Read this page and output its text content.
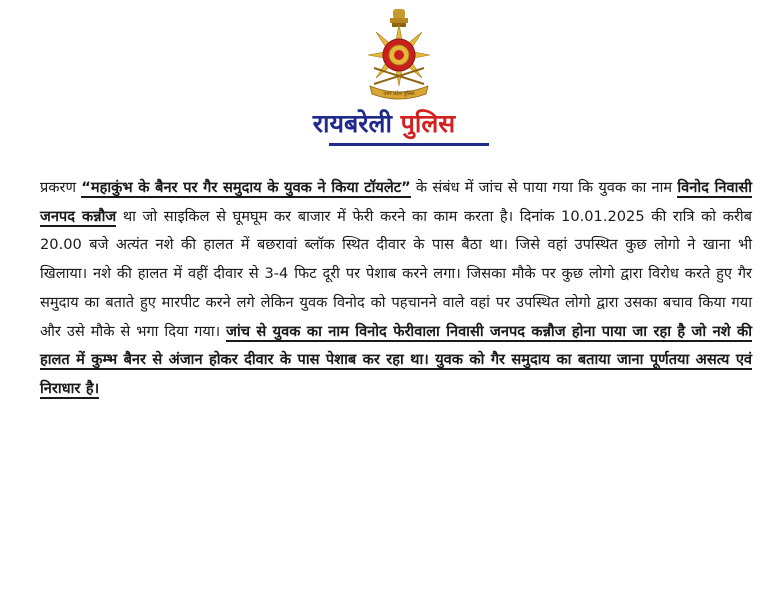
उत्तर प्रदेश पुलिस
रायबरेली पुलिस
प्रकरण “महाकुंभ के बैनर पर गैर समुदाय के युवक ने किया टॉयलेट” के संबंध में जांच से पाया गया कि युवक का नाम विनोद निवासी जनपद कन्नौज था जो साइकिल से घूमघूम कर बाजार में फेरी करने का काम करता है। दिनांक 10.01.2025 की रात्रि को करीब 20.00 बजे अत्यंत नशे की हालत में बछरावां ब्लॉक स्थित दीवार के पास बैठा था। जिसे वहां उपस्थित कुछ लोगो ने खाना भी खिलाया। नशे की हालत में वहीं दीवार से 3-4 फिट दूरी पर पेशाब करने लगा। जिसका मौके पर कुछ लोगो द्वारा विरोध करते हुए गैर समुदाय का बताते हुए मारपीट करने लगे लेकिन युवक विनोद को पहचानने वाले वहां पर उपस्थित लोगो द्वारा उसका बचाव किया गया और उसे मौके से भगा दिया गया। जांच से युवक का नाम विनोद फेरीवाला निवासी जनपद कन्नौज होना पाया जा रहा है जो नशे की हालत में कुम्भ बैनर से अंजान होकर दीवार के पास पेशाब कर रहा था। युवक को गैर समुदाय का बताया जाना पूर्णतया असत्य एवं निराधार है।
